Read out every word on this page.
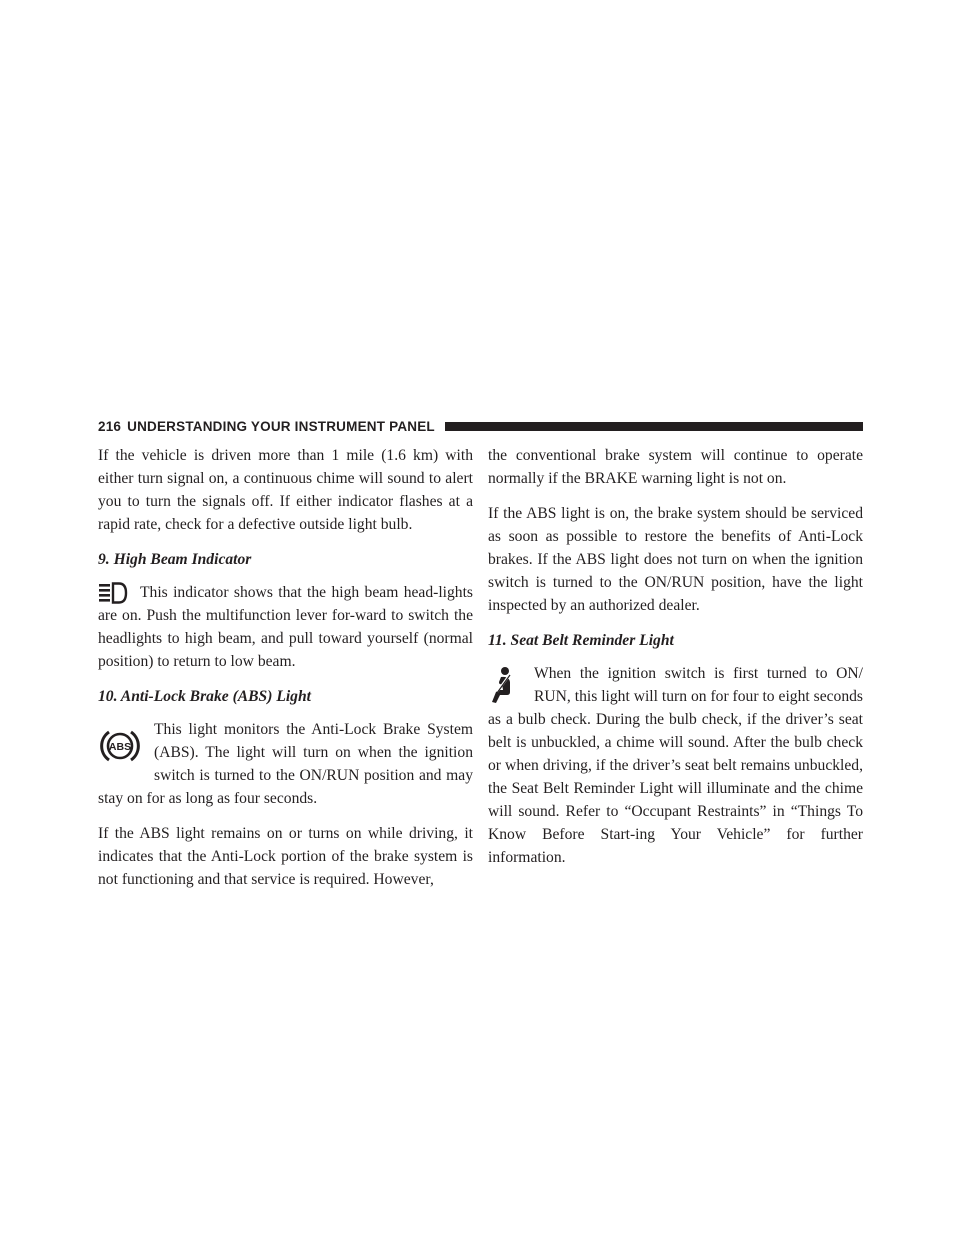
216 UNDERSTANDING YOUR INSTRUMENT PANEL

If the vehicle is driven more than 1 mile (1.6 km) with either turn signal on, a continuous chime will sound to alert you to turn the signals off. If either indicator flashes at a rapid rate, check for a defective outside light bulb.

9. High Beam Indicator
This indicator shows that the high beam head-lights are on. Push the multifunction lever for-ward to switch the headlights to high beam, and pull toward yourself (normal position) to return to low beam.
10. Anti-Lock Brake (ABS) Light
ABS
This light monitors the Anti-Lock Brake System (ABS). The light will turn on when the ignition switch is turned to the ON/RUN position and may stay on for as long as four seconds.

If the ABS light remains on or turns on while driving, it indicates that the Anti-Lock portion of the brake system is not functioning and that service is required. However,

the conventional brake system will continue to operate normally if the BRAKE warning light is not on.

If the ABS light is on, the brake system should be serviced as soon as possible to restore the benefits of Anti-Lock brakes. If the ABS light does not turn on when the ignition switch is turned to the ON/RUN position, have the light inspected by an authorized dealer.

11. Seat Belt Reminder Light
When the ignition switch is first turned to ON/ RUN, this light will turn on for four to eight seconds as a bulb check. During the bulb check, if the driver’s seat belt is unbuckled, a chime will sound. After the bulb check or when driving, if the driver’s seat belt remains unbuckled, the Seat Belt Reminder Light will illuminate and the chime will sound. Refer to “Occupant Restraints” in “Things To Know Before Start-ing Your Vehicle” for further information.
